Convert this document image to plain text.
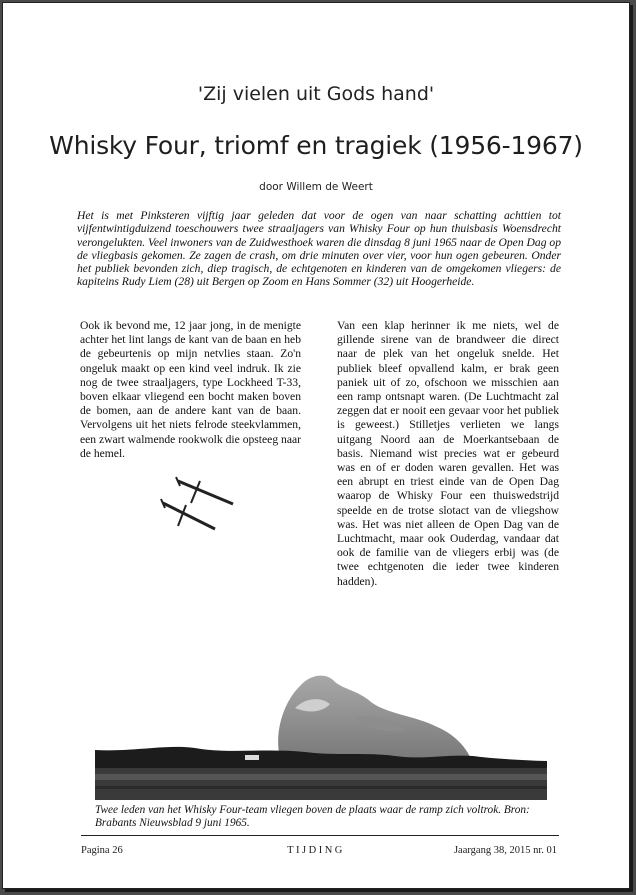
'Zij vielen uit Gods hand'
Whisky Four, triomf en tragiek (1956-1967)
door Willem de Weert

Het is met Pinksteren vijftig jaar geleden dat voor de ogen van naar schatting achttien tot vijfentwintigduizend toeschouwers twee straaljagers van Whisky Four op hun thuisbasis Woensdrecht verongelukten. Veel inwoners van de Zuidwesthoek waren die dinsdag 8 juni 1965 naar de Open Dag op de vliegbasis gekomen. Ze zagen de crash, om drie minuten over vier, voor hun ogen gebeuren. Onder het publiek bevonden zich, diep tragisch, de echtgenoten en kinderen van de omgekomen vliegers: de kapiteins Rudy Liem (28) uit Bergen op Zoom en Hans Sommer (32) uit Hoogerheide.

Ook ik bevond me, 12 jaar jong, in de menigte achter het lint langs de kant van de baan en heb de gebeurtenis op mijn netvlies staan. Zo'n ongeluk maakt op een kind veel indruk. Ik zie nog de twee straaljagers, type Lockheed T-33, boven elkaar vliegend een bocht maken boven de bomen, aan de andere kant van de baan. Vervolgens uit het niets felrode steekvlammen, een zwart walmende rookwolk die opsteeg naar de hemel.

Van een klap herinner ik me niets, wel de gillende sirene van de brandweer die direct naar de plek van het ongeluk snelde. Het publiek bleef opvallend kalm, er brak geen paniek uit of zo, ofschoon we misschien aan een ramp ontsnapt waren. (De Luchtmacht zal zeggen dat er nooit een gevaar voor het publiek is geweest.) Stilletjes verlieten we langs uitgang Noord aan de Moerkantsebaan de basis. Niemand wist precies wat er gebeurd was en of er doden waren gevallen. Het was een abrupt en triest einde van de Open Dag waarop de Whisky Four een thuiswedstrijd speelde en de trotse slotact van de vliegshow was. Het was niet alleen de Open Dag van de Luchtmacht, maar ook Ouderdag, vandaar dat ook de familie van de vliegers erbij was (de twee echtgenoten die ieder twee kinderen hadden).

Twee leden van het Whisky Four-team vliegen boven de plaats waar de ramp zich voltrok. Bron: Brabants Nieuwsblad 9 juni 1965.

Pagina 26	TIJDING	Jaargang 38, 2015 nr. 01
